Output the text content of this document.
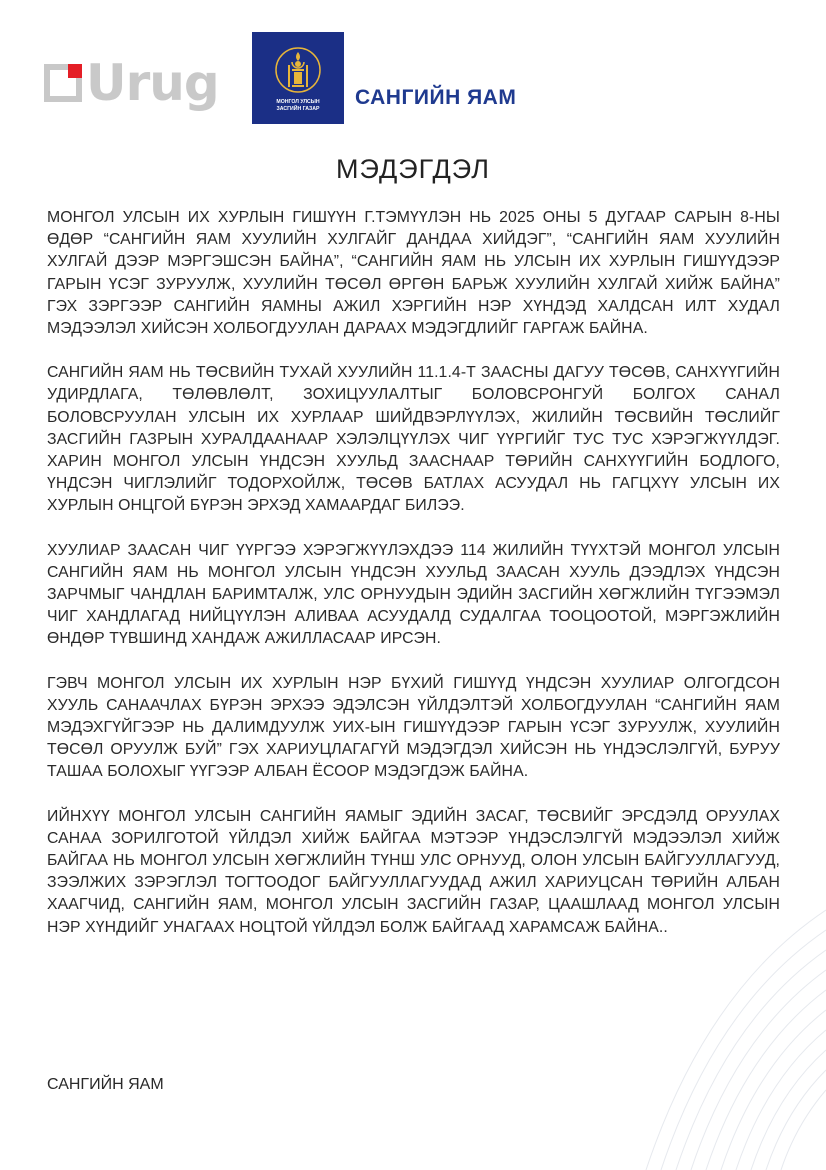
Urug	МОНГОЛ УЛСЫН
ЗАСГИЙН ГАЗАР САНГИЙН ЯАМ
МЭДЭГДЭЛ

МОНГОЛ УЛСЫН ИХ ХУРЛЫН ГИШҮҮН Г.ТЭМҮҮЛЭН НЬ 2025 ОНЫ 5 ДУГААР САРЫН 8-НЫ ӨДӨР “САНГИЙН ЯАМ ХУУЛИЙН ХУЛГАЙГ ДАНДАА ХИЙДЭГ”, “САНГИЙН ЯАМ ХУУЛИЙН ХУЛГАЙ ДЭЭР МЭРГЭШСЭН БАЙНА”, “САНГИЙН ЯАМ НЬ УЛСЫН ИХ ХУРЛЫН ГИШҮҮДЭЭР ГАРЫН ҮСЭГ ЗУРУУЛЖ, ХУУЛИЙН ТӨСӨЛ ӨРГӨН БАРЬЖ ХУУЛИЙН ХУЛГАЙ ХИЙЖ БАЙНА” ГЭХ ЗЭРГЭЭР САНГИЙН ЯАМНЫ АЖИЛ ХЭРГИЙН НЭР ХҮНДЭД ХАЛДСАН ИЛТ ХУДАЛ МЭДЭЭЛЭЛ ХИЙСЭН ХОЛБОГДУУЛАН ДАРААХ МЭДЭГДЛИЙГ ГАРГАЖ БАЙНА.

САНГИЙН ЯАМ НЬ ТӨСВИЙН ТУХАЙ ХУУЛИЙН 11.1.4-Т ЗААСНЫ ДАГУУ ТӨСӨВ, САНХҮҮГИЙН УДИРДЛАГА, ТӨЛӨВЛӨЛТ, ЗОХИЦУУЛАЛТЫГ БОЛОВСРОНГУЙ БОЛГОХ САНАЛ БОЛОВСРУУЛАН УЛСЫН ИХ ХУРЛААР ШИЙДВЭРЛҮҮЛЭХ, ЖИЛИЙН ТӨСВИЙН ТӨСЛИЙГ ЗАСГИЙН ГАЗРЫН ХУРАЛДААНААР ХЭЛЭЛЦҮҮЛЭХ ЧИГ ҮҮРГИЙГ ТУС ТУС ХЭРЭГЖҮҮЛДЭГ. ХАРИН МОНГОЛ УЛСЫН ҮНДСЭН ХУУЛЬД ЗААСНААР ТӨРИЙН САНХҮҮГИЙН БОДЛОГО, ҮНДСЭН ЧИГЛЭЛИЙГ ТОДОРХОЙЛЖ, ТӨСӨВ БАТЛАХ АСУУДАЛ НЬ ГАГЦХҮҮ УЛСЫН ИХ ХУРЛЫН ОНЦГОЙ БҮРЭН ЭРХЭД ХАМААРДАГ БИЛЭЭ.

ХУУЛИАР ЗААСАН ЧИГ ҮҮРГЭЭ ХЭРЭГЖҮҮЛЭХДЭЭ 114 ЖИЛИЙН ТҮҮХТЭЙ МОНГОЛ УЛСЫН САНГИЙН ЯАМ НЬ МОНГОЛ УЛСЫН ҮНДСЭН ХУУЛЬД ЗААСАН ХУУЛЬ ДЭЭДЛЭХ ҮНДСЭН ЗАРЧМЫГ ЧАНДЛАН БАРИМТАЛЖ, УЛС ОРНУУДЫН ЭДИЙН ЗАСГИЙН ХӨГЖЛИЙН ТҮГЭЭМЭЛ ЧИГ ХАНДЛАГАД НИЙЦҮҮЛЭН АЛИВАА АСУУДАЛД СУДАЛГАА ТООЦООТОЙ, МЭРГЭЖЛИЙН ӨНДӨР ТҮВШИНД ХАНДАЖ АЖИЛЛАСААР ИРСЭН.

ГЭВЧ МОНГОЛ УЛСЫН ИХ ХУРЛЫН НЭР БҮХИЙ ГИШҮҮД ҮНДСЭН ХУУЛИАР ОЛГОГДСОН ХУУЛЬ САНААЧЛАХ БҮРЭН ЭРХЭЭ ЭДЭЛСЭН ҮЙЛДЭЛТЭЙ ХОЛБОГДУУЛАН “САНГИЙН ЯАМ МЭДЭХГҮЙГЭЭР НЬ ДАЛИМДУУЛЖ УИХ-ЫН ГИШҮҮДЭЭР ГАРЫН ҮСЭГ ЗУРУУЛЖ, ХУУЛИЙН ТӨСӨЛ ОРУУЛЖ БУЙ” ГЭХ ХАРИУЦЛАГАГҮЙ МЭДЭГДЭЛ ХИЙСЭН НЬ ҮНДЭСЛЭЛГҮЙ, БУРУУ ТАШАА БОЛОХЫГ ҮҮГЭЭР АЛБАН ЁСООР МЭДЭГДЭЖ БАЙНА.

ИЙНХҮҮ МОНГОЛ УЛСЫН САНГИЙН ЯАМЫГ ЭДИЙН ЗАСАГ, ТӨСВИЙГ ЭРСДЭЛД ОРУУЛАХ САНАА ЗОРИЛГОТОЙ ҮЙЛДЭЛ ХИЙЖ БАЙГАА МЭТЭЭР ҮНДЭСЛЭЛГҮЙ МЭДЭЭЛЭЛ ХИЙЖ БАЙГАА НЬ МОНГОЛ УЛСЫН ХӨГЖЛИЙН ТҮНШ УЛС ОРНУУД, ОЛОН УЛСЫН БАЙГУУЛЛАГУУД, ЗЭЭЛЖИХ ЗЭРЭГЛЭЛ ТОГТООДОГ БАЙГУУЛЛАГУУДАД АЖИЛ ХАРИУЦСАН ТӨРИЙН АЛБАН ХААГЧИД, САНГИЙН ЯАМ, МОНГОЛ УЛСЫН ЗАСГИЙН ГАЗАР, ЦААШЛААД МОНГОЛ УЛСЫН НЭР ХҮНДИЙГ УНАГААХ НОЦТОЙ ҮЙЛДЭЛ БОЛЖ БАЙГААД ХАРАМСАЖ БАЙНА..

САНГИЙН ЯАМ
